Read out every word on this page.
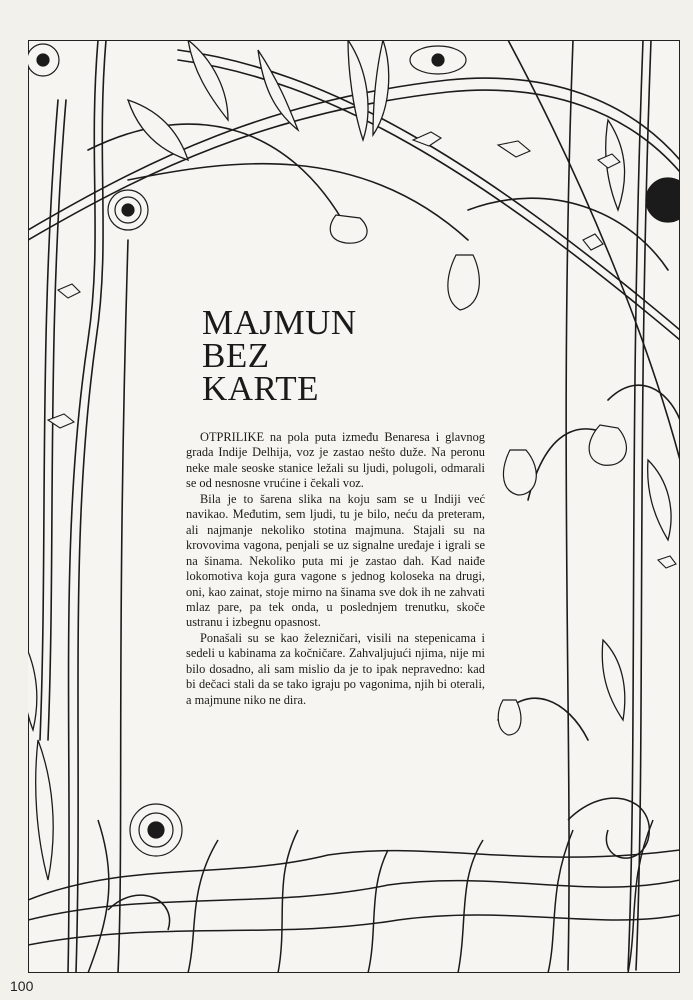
MAJMUN
BEZ
KARTE

OTPRILIKE na pola puta između Benaresa i glavnog grada Indije Delhija, voz je zastao nešto duže. Na peronu neke male seoske stanice ležali su ljudi, polugoli, odmarali se od nesnosne vrućine i čekali voz.

Bila je to šarena slika na koju sam se u Indiji već navikao. Međutim, sem ljudi, tu je bilo, neću da preteram, ali najmanje nekoliko stotina majmuna. Stajali su na krovovima vagona, penjali se uz signalne uređaje i igrali se na šinama. Nekoliko puta mi je zastao dah. Kad naiđe lokomotiva koja gura vagone s jednog koloseka na drugi, oni, kao zainat, stoje mirno na šinama sve dok ih ne zahvati mlaz pare, pa tek onda, u poslednjem trenutku, skoče ustranu i izbegnu opasnost.

Ponašali su se kao železničari, visili na stepenicama i sedeli u kabinama za kočničare. Zahvaljujući njima, nije mi bilo dosadno, ali sam mislio da je to ipak nepravedno: kad bi dečaci stali da se tako igraju po vagonima, njih bi oterali, a majmune niko ne dira.

100
